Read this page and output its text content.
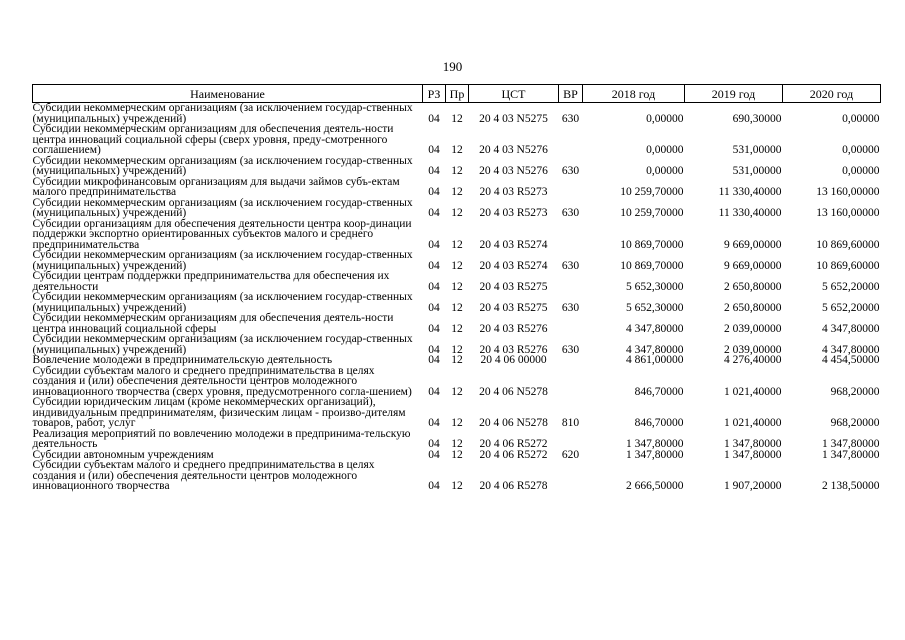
190
Наименование	РЗ	Пр	ЦСТ	ВР	2018 год	2019 год	2020 год
Субсидии некоммерческим организациям (за исключением государ-ственных (муниципальных) учреждений)	04	12	20 4 03 N5275	630	0,00000	690,30000	0,00000
Субсидии некоммерческим организациям для обеспечения деятель-ности центра инноваций социальной сферы (сверх уровня, преду-смотренного соглашением)	04	12	20 4 03 N5276		0,00000	531,00000	0,00000
Субсидии некоммерческим организациям (за исключением государ-ственных (муниципальных) учреждений)	04	12	20 4 03 N5276	630	0,00000	531,00000	0,00000
Субсидии микрофинансовым организациям для выдачи займов субъ-ектам малого предпринимательства	04	12	20 4 03 R5273		10 259,70000	11 330,40000	13 160,00000
Субсидии некоммерческим организациям (за исключением государ-ственных (муниципальных) учреждений)	04	12	20 4 03 R5273	630	10 259,70000	11 330,40000	13 160,00000
Субсидии организациям для обеспечения деятельности центра коор-динации поддержки экспортно ориентированных субъектов малого и среднего предпринимательства	04	12	20 4 03 R5274		10 869,70000	9 669,00000	10 869,60000
Субсидии некоммерческим организациям (за исключением государ-ственных (муниципальных) учреждений)	04	12	20 4 03 R5274	630	10 869,70000	9 669,00000	10 869,60000
Субсидии центрам поддержки предпринимательства для обеспечения их деятельности	04	12	20 4 03 R5275		5 652,30000	2 650,80000	5 652,20000
Субсидии некоммерческим организациям (за исключением государ-ственных (муниципальных) учреждений)	04	12	20 4 03 R5275	630	5 652,30000	2 650,80000	5 652,20000
Субсидии некоммерческим организациям для обеспечения деятель-ности центра инноваций социальной сферы	04	12	20 4 03 R5276		4 347,80000	2 039,00000	4 347,80000
Субсидии некоммерческим организациям (за исключением государ-ственных (муниципальных) учреждений)	04	12	20 4 03 R5276	630	4 347,80000	2 039,00000	4 347,80000
Вовлечение молодежи в предпринимательскую деятельность	04	12	20 4 06 00000		4 861,00000	4 276,40000	4 454,50000
Субсидии субъектам малого и среднего предпринимательства в целях создания и (или) обеспечения деятельности центров молодежного инновационного творчества (сверх уровня, предусмотренного согла-шением)	04	12	20 4 06 N5278		846,70000	1 021,40000	968,20000
Субсидии юридическим лицам (кроме некоммерческих организаций), индивидуальным предпринимателям, физическим лицам - произво-дителям товаров, работ, услуг	04	12	20 4 06 N5278	810	846,70000	1 021,40000	968,20000
Реализация мероприятий по вовлечению молодежи в предпринима-тельскую деятельность	04	12	20 4 06 R5272		1 347,80000	1 347,80000	1 347,80000
Субсидии автономным учреждениям	04	12	20 4 06 R5272	620	1 347,80000	1 347,80000	1 347,80000
Субсидии субъектам малого и среднего предпринимательства в целях создания и (или) обеспечения деятельности центров молодежного инновационного творчества	04	12	20 4 06 R5278		2 666,50000	1 907,20000	2 138,50000
